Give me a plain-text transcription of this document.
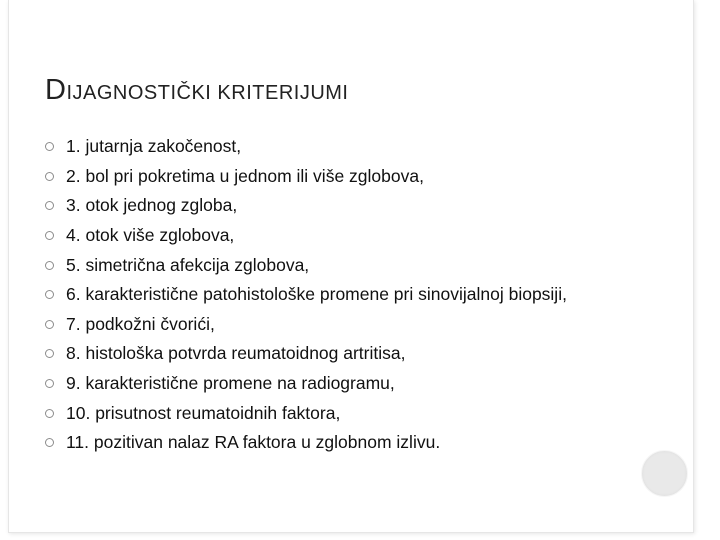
DIJAGNOSTIČKI KRITERIJUMI
1. jutarnja zakočenost,
2. bol pri pokretima u jednom ili više zglobova,
3. otok jednog zgloba,
4. otok više zglobova,
5. simetrična afekcija zglobova,
6. karakteristične patohistološke promene pri sinovijalnoj biopsiji,
7. podkožni čvorići,
8. histološka potvrda reumatoidnog artritisa,
9. karakteristične promene na radiogramu,
10. prisutnost reumatoidnih faktora,
11. pozitivan nalaz RA faktora u zglobnom izlivu.
